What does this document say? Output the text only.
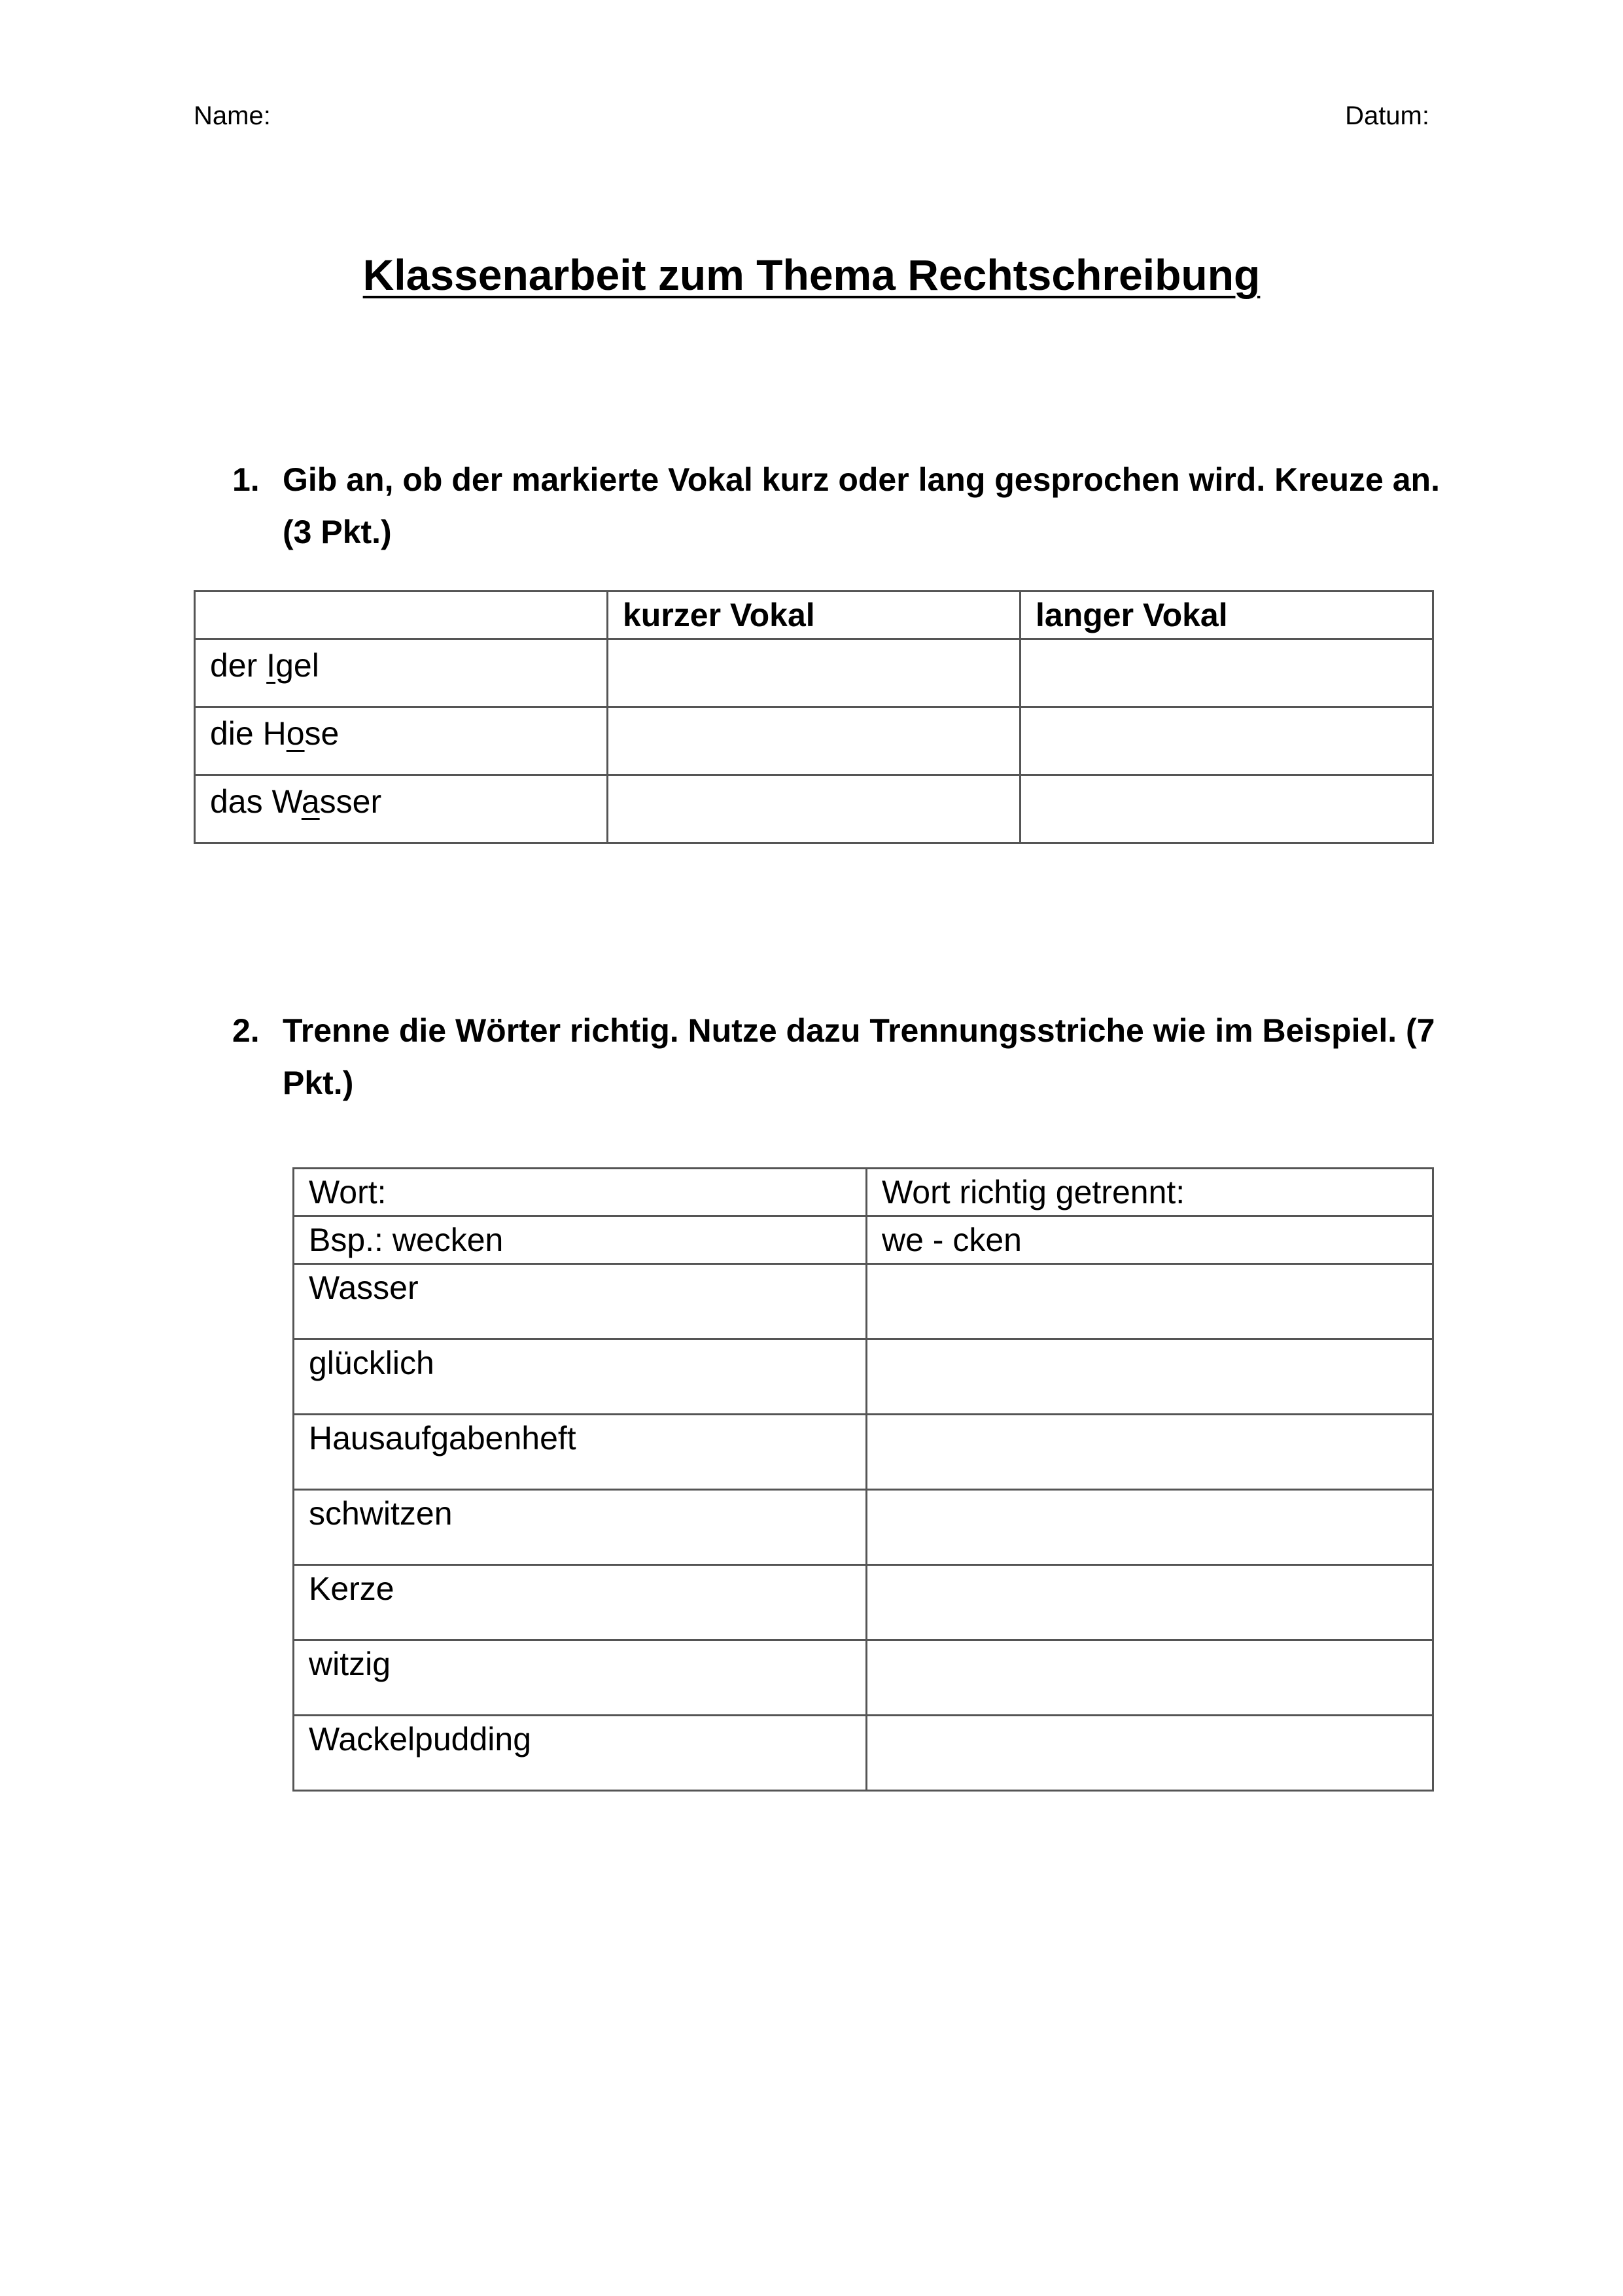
Name:	Datum:
Klassenarbeit zum Thema Rechtschreibung
1. Gib an, ob der markierte Vokal kurz oder lang gesprochen wird. Kreuze an. (3 Pkt.)
	kurzer Vokal	langer Vokal
der Igel		
die Hose		
das Wasser		
2. Trenne die Wörter richtig. Nutze dazu Trennungsstriche wie im Beispiel. (7 Pkt.)
Wort:	Wort richtig getrennt:
Bsp.: wecken	we - cken
Wasser	
glücklich	
Hausaufgabenheft	
schwitzen	
Kerze	
witzig	
Wackelpudding	
